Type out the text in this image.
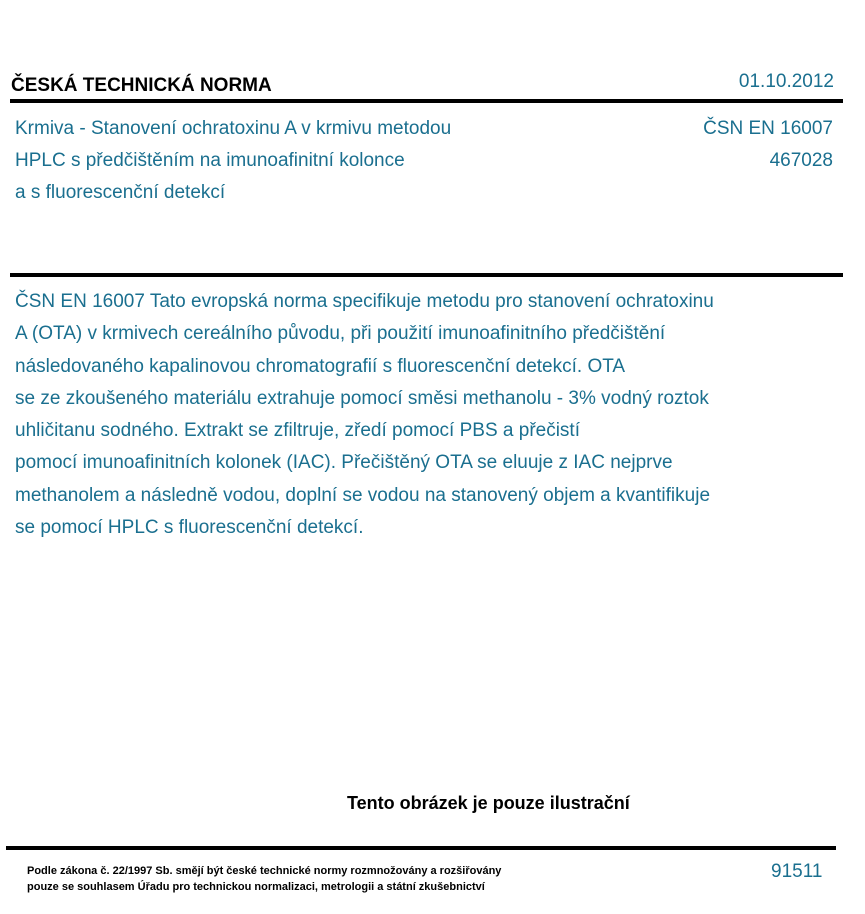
ČESKÁ TECHNICKÁ NORMA	01.10.2012
Krmiva - Stanovení ochratoxinu A v krmivu metodou
HPLC s předčištěním na imunoafinitní kolonce
a s fluorescenční detekcí
ČSN EN 16007
467028
ČSN EN 16007 Tato evropská norma specifikuje metodu pro stanovení ochratoxinu
A (OTA) v krmivech cereálního původu, při použití imunoafinitního předčištění
následovaného kapalinovou chromatografií s fluorescenční detekcí. OTA
se ze zkoušeného materiálu extrahuje pomocí směsi methanolu - 3% vodný roztok
uhličitanu sodného. Extrakt se zfiltruje, zředí pomocí PBS a přečistí
pomocí imunoafinitních kolonek (IAC). Přečištěný OTA se eluuje z IAC nejprve
methanolem a následně vodou, doplní se vodou na stanovený objem a kvantifikuje
se pomocí HPLC s fluorescenční detekcí.
Tento obrázek je pouze ilustrační
Podle zákona č. 22/1997 Sb. smějí být české technické normy rozmnožovány a rozšiřovány
pouze se souhlasem Úřadu pro technickou normalizaci, metrologii a státní zkušebnictví
91511
